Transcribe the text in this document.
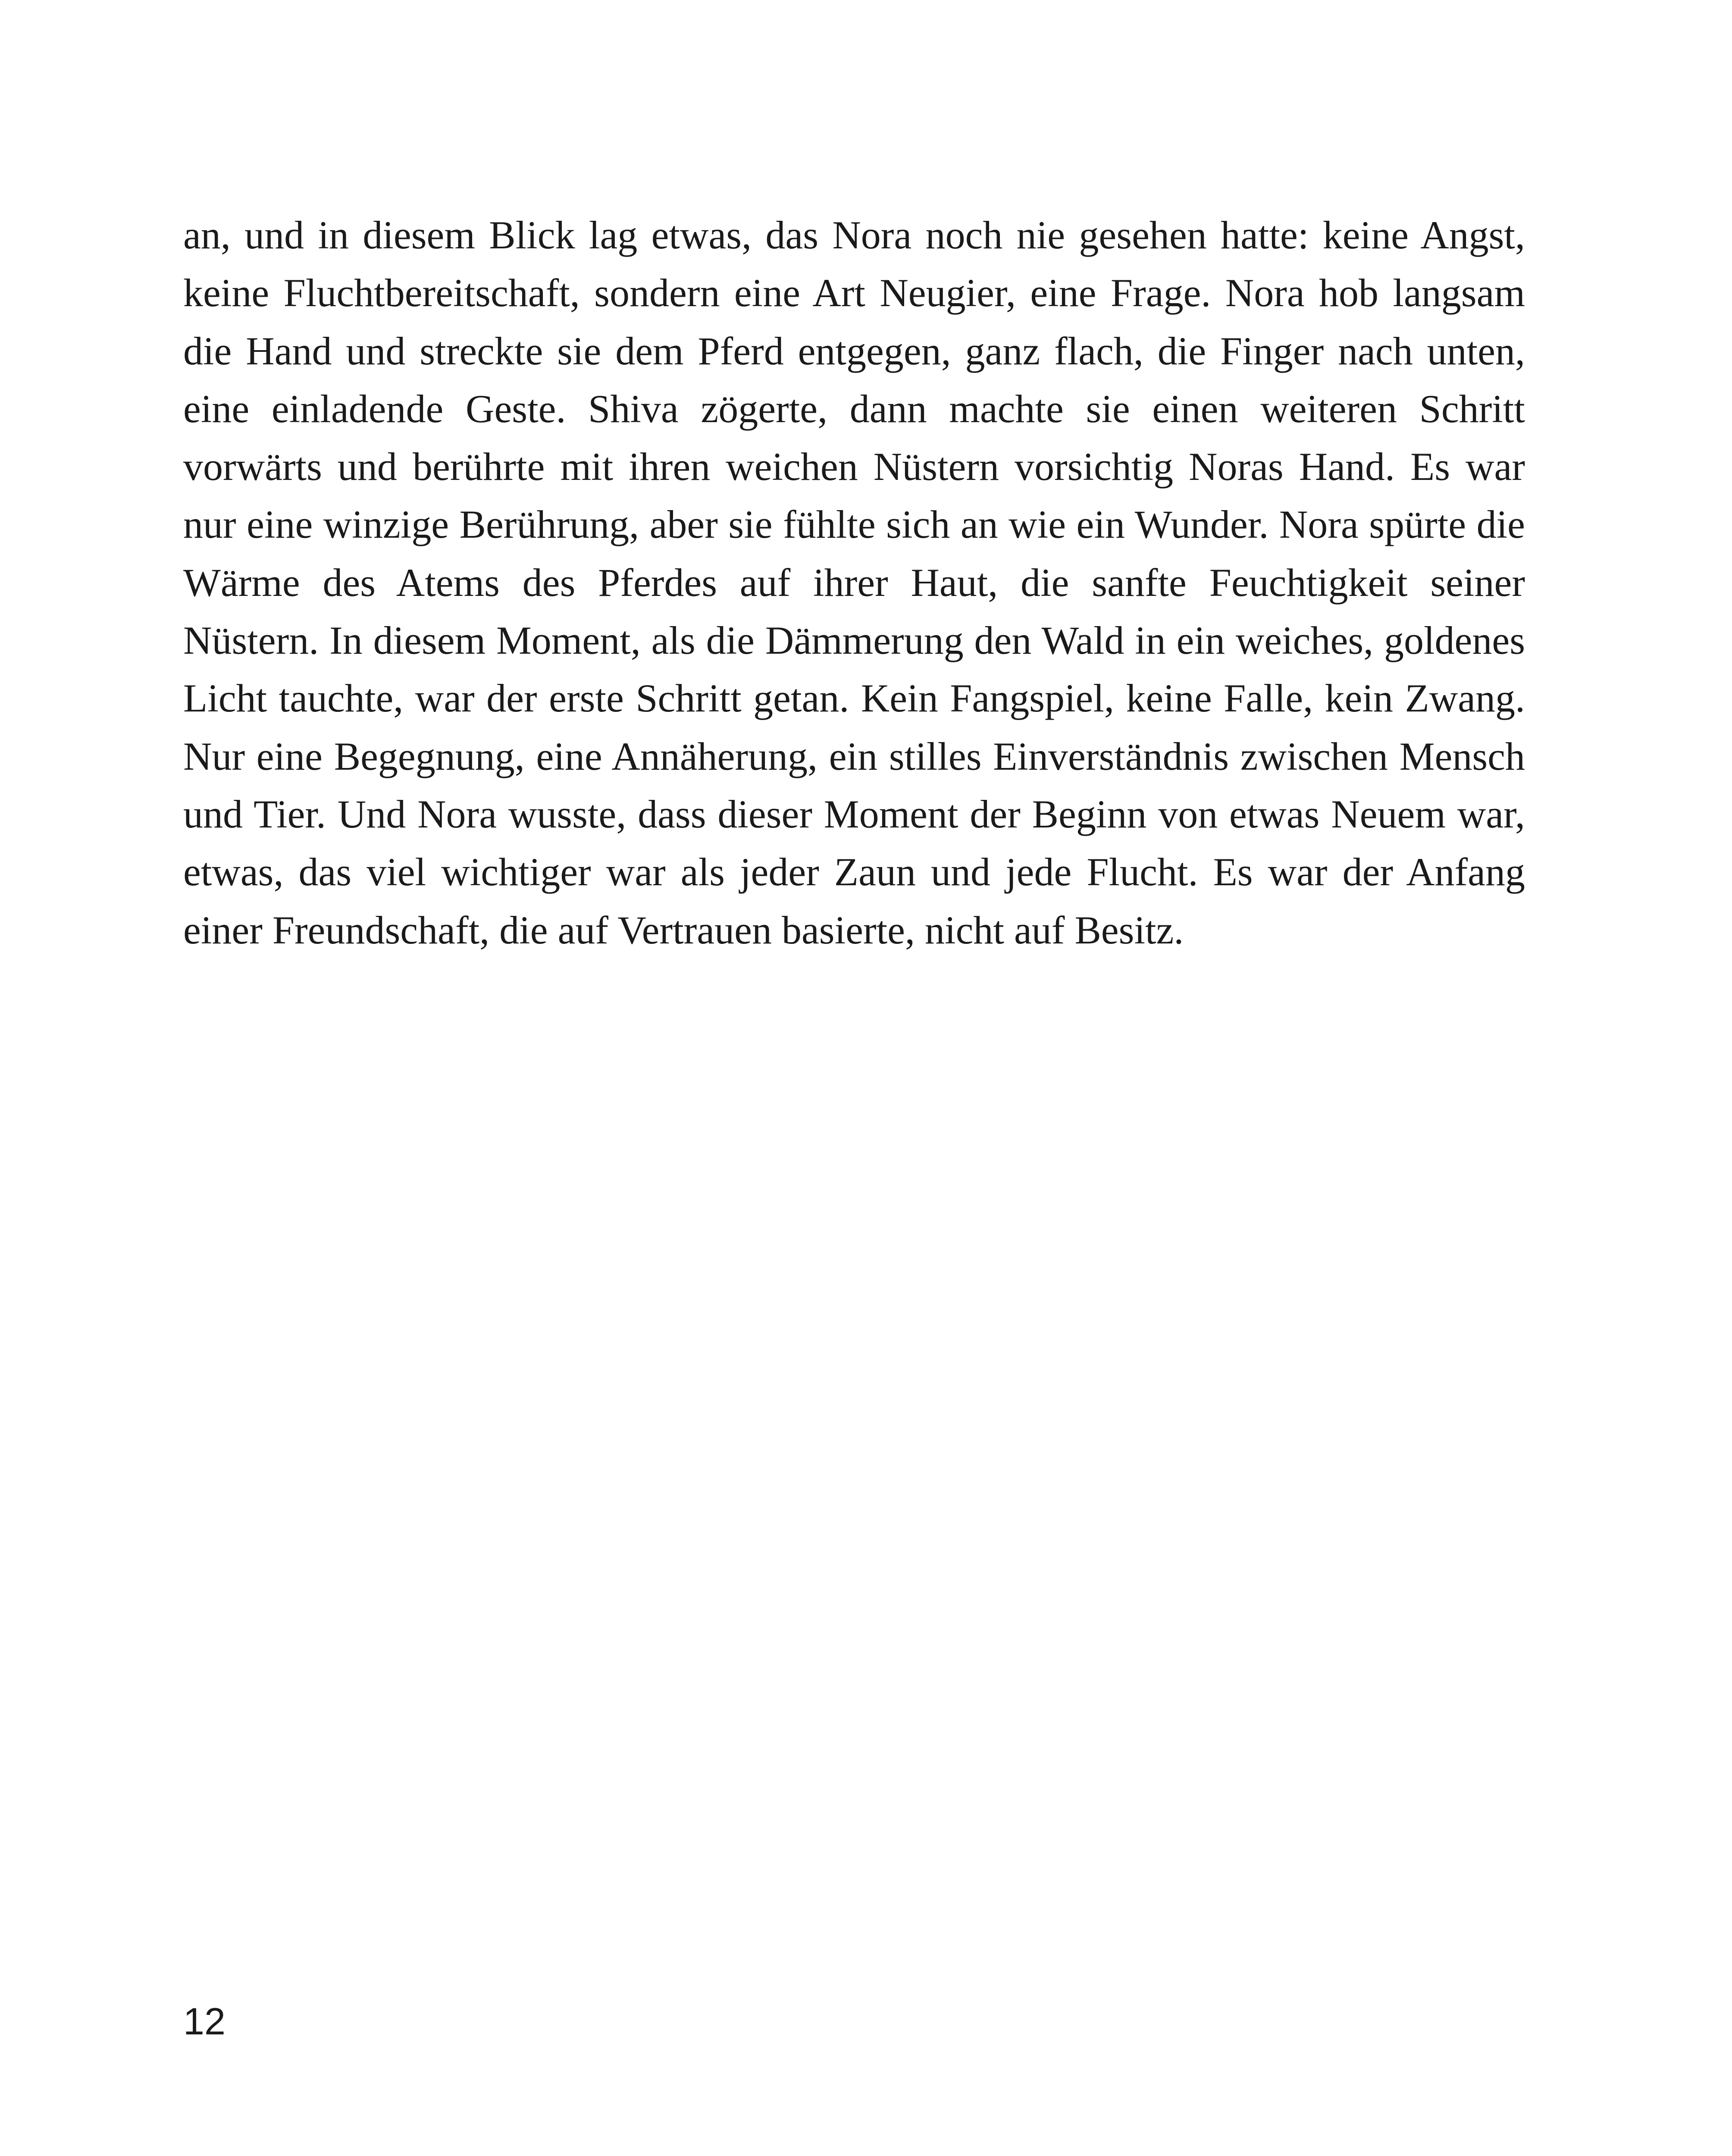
an, und in diesem Blick lag etwas, das Nora noch nie gesehen hatte: keine Angst, keine Fluchtbereitschaft, sondern eine Art Neugier, eine Frage. Nora hob langsam die Hand und streckte sie dem Pferd entgegen, ganz flach, die Finger nach unten, eine einladende Geste. Shiva zögerte, dann machte sie einen weiteren Schritt vorwärts und berührte mit ihren weichen Nüstern vorsichtig Noras Hand. Es war nur eine winzige Berührung, aber sie fühlte sich an wie ein Wunder. Nora spürte die Wärme des Atems des Pferdes auf ihrer Haut, die sanfte Feuchtigkeit seiner Nüstern. In diesem Moment, als die Dämmerung den Wald in ein weiches, goldenes Licht tauchte, war der erste Schritt getan. Kein Fangspiel, keine Falle, kein Zwang. Nur eine Begegnung, eine Annäherung, ein stilles Einverständnis zwischen Mensch und Tier. Und Nora wusste, dass dieser Moment der Beginn von etwas Neuem war, etwas, das viel wichtiger war als jeder Zaun und jede Flucht. Es war der Anfang einer Freundschaft, die auf Vertrauen basierte, nicht auf Besitz.

12
